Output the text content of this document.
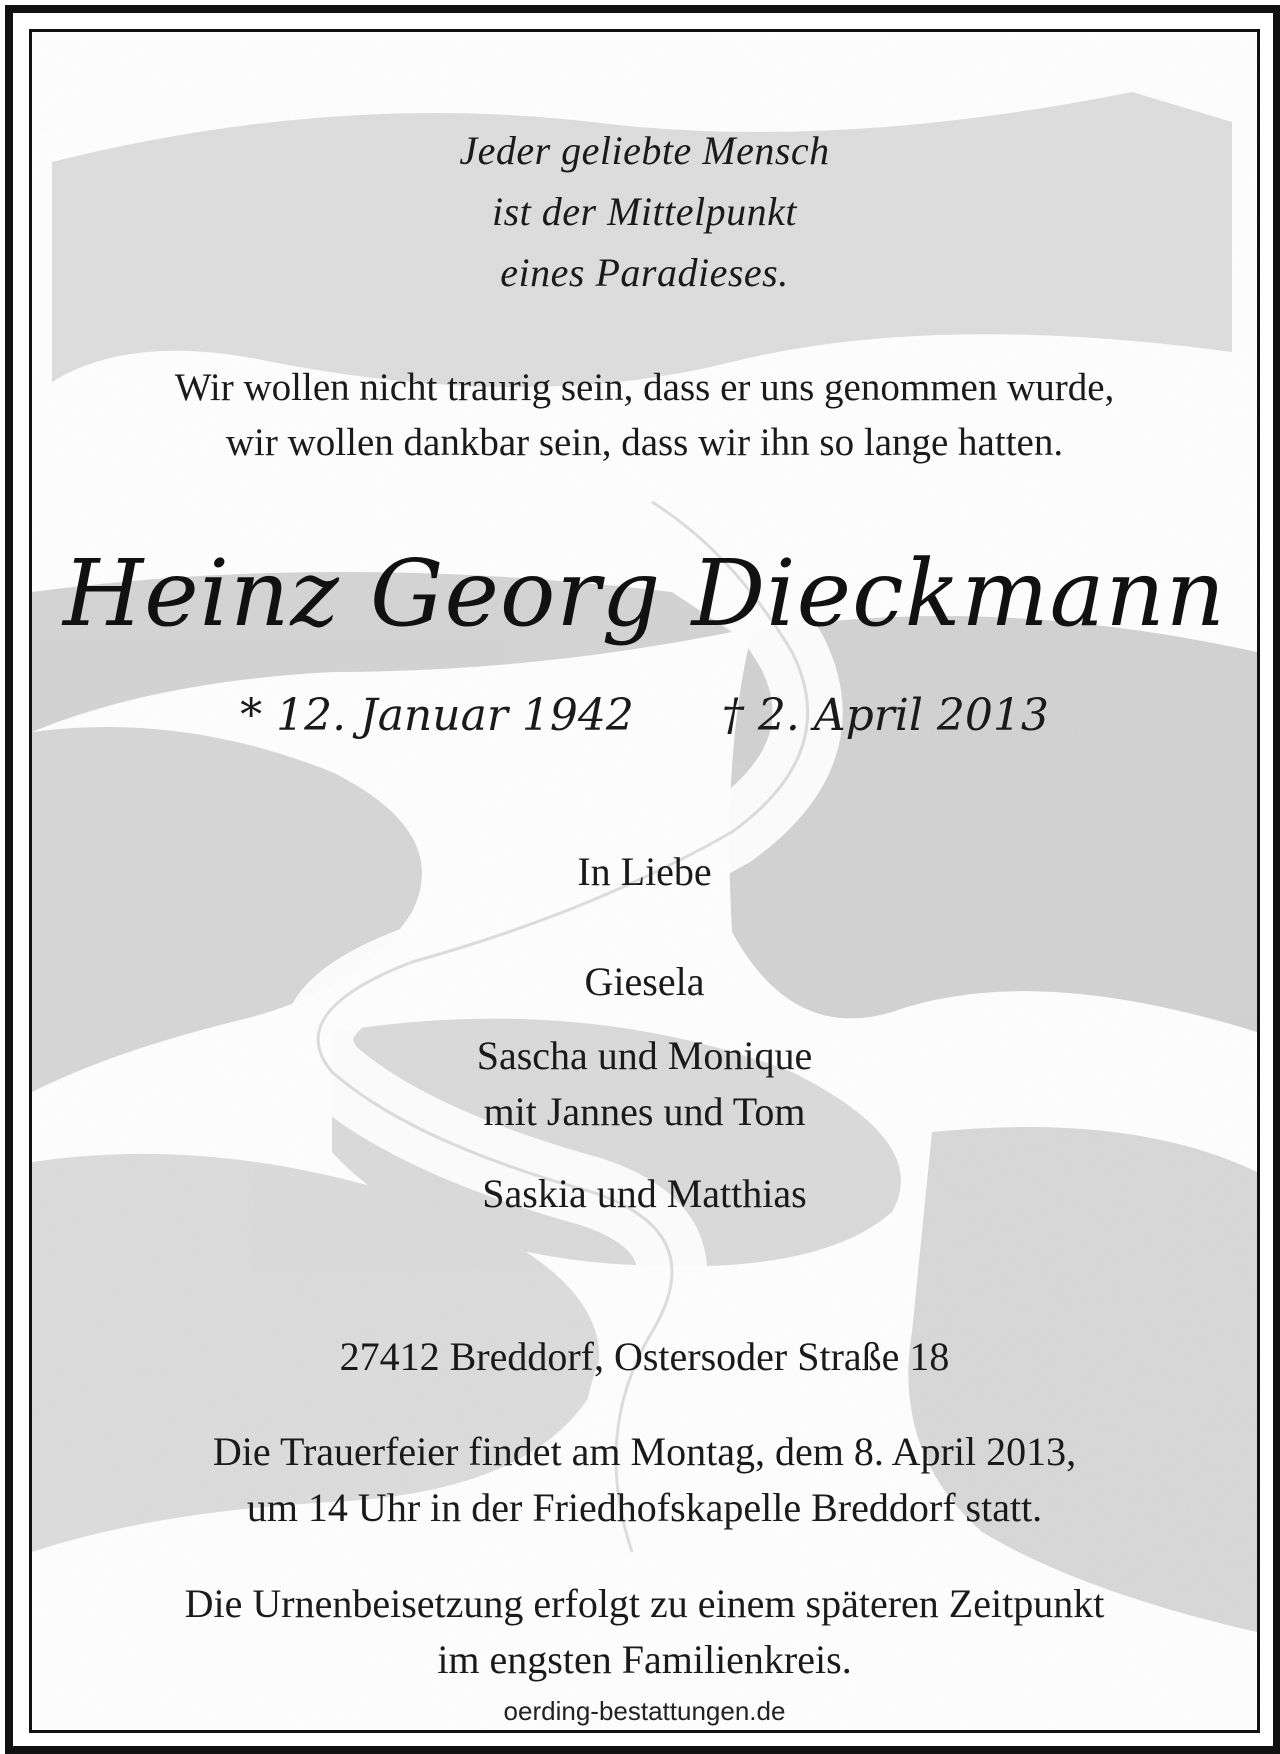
Jeder geliebte Mensch
ist der Mittelpunkt
eines Paradieses.
Wir wollen nicht traurig sein, dass er uns genommen wurde,
wir wollen dankbar sein, dass wir ihn so lange hatten.
Heinz Georg Dieckmann
* 12. Januar 1942 † 2. April 2013
In Liebe
Giesela
Sascha und Monique
mit Jannes und Tom
Saskia und Matthias
27412 Breddorf, Ostersoder Straße 18
Die Trauerfeier findet am Montag, dem 8. April 2013,
um 14 Uhr in der Friedhofskapelle Breddorf statt.
Die Urnenbeisetzung erfolgt zu einem späteren Zeitpunkt
im engsten Familienkreis.
oerding-bestattungen.de
